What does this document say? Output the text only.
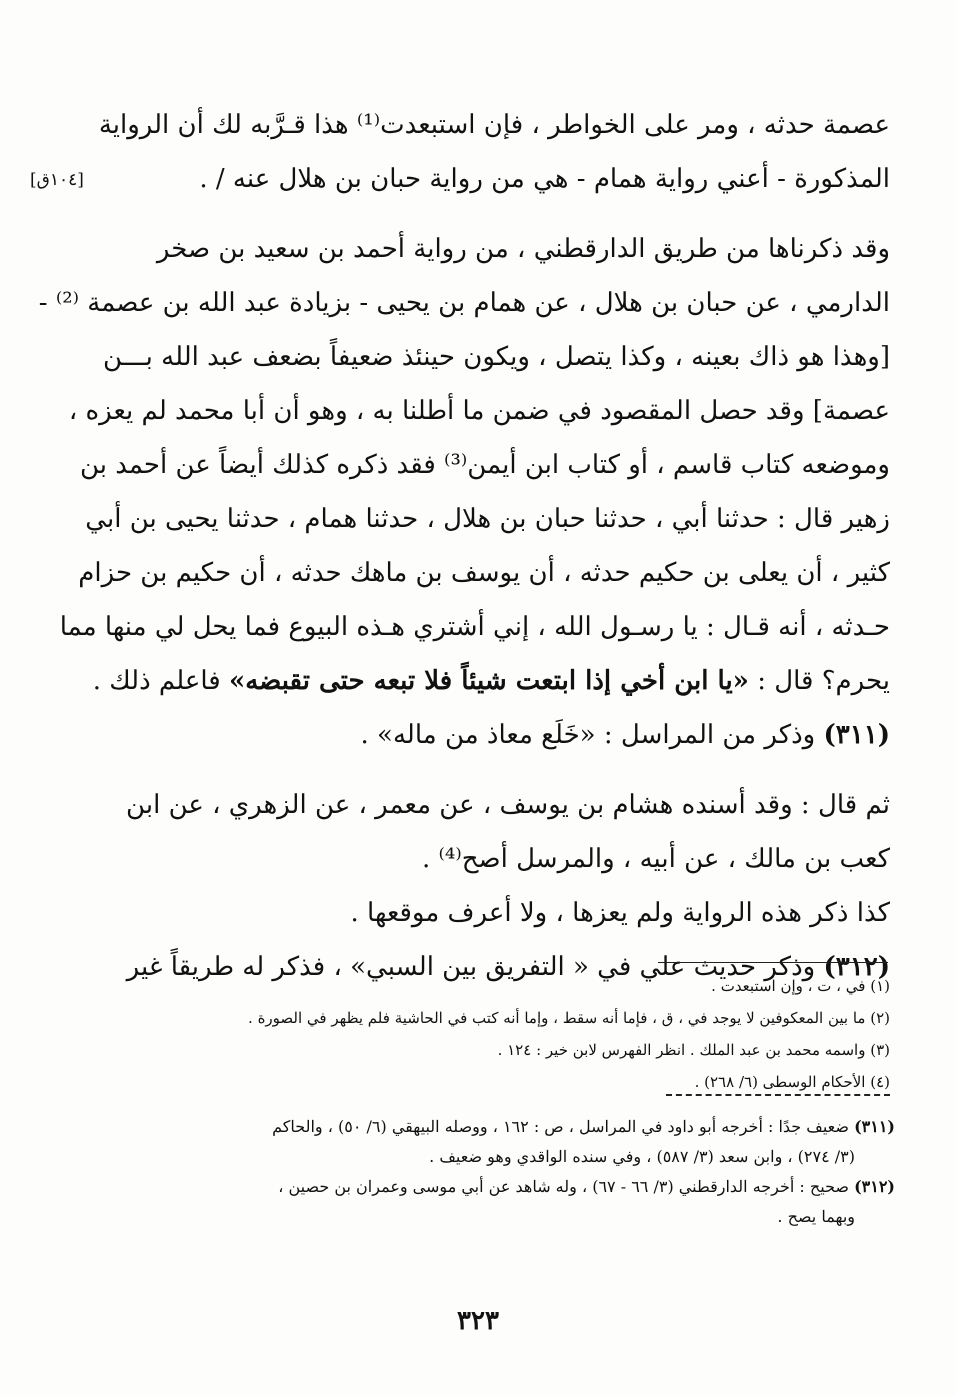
[١٠٤ق]
عصمة حدثه ، ومر على الخواطر ، فإن استبعدت⁽¹⁾ هذا قـرَّبه لك أن الرواية
المذكورة - أعني رواية همام - هي من رواية حبان بن هلال عنه / .
وقد ذكرناها من طريق الدارقطني ، من رواية أحمد بن سعيد بن صخر
الدارمي ، عن حبان بن هلال ، عن همام بن يحيى - بزيادة عبد الله بن عصمة ⁽²⁾ -
[وهذا هو ذاك بعينه ، وكذا يتصل ، ويكون حينئذ ضعيفاً بضعف عبد الله بـــن
عصمة] وقد حصل المقصود في ضمن ما أطلنا به ، وهو أن أبا محمد لم يعزه ،
وموضعه كتاب قاسم ، أو كتاب ابن أيمن⁽³⁾ فقد ذكره كذلك أيضاً عن أحمد بن
زهير قال : حدثنا أبي ، حدثنا حبان بن هلال ، حدثنا همام ، حدثنا يحيى بن أبي
كثير ، أن يعلى بن حكيم حدثه ، أن يوسف بن ماهك حدثه ، أن حكيم بن حزام
حـدثه ، أنه قـال : يا رسـول الله ، إني أشتري هـذه البيوع فما يحل لي منها مما
يحرم؟ قال : «يا ابن أخي إذا ابتعت شيئاً فلا تبعه حتى تقبضه» فاعلم ذلك .
(٣١١) وذكر من المراسل : «خَلَع معاذ من ماله» .
ثم قال : وقد أسنده هشام بن يوسف ، عن معمر ، عن الزهري ، عن ابن
كعب بن مالك ، عن أبيه ، والمرسل أصح⁽⁴⁾ .
كذا ذكر هذه الرواية ولم يعزها ، ولا أعرف موقعها .
(٣١٢) وذكر حديث علي في « التفريق بين السبي» ، فذكر له طريقاً غير
(١) في ، ت ، وإن استبعدت .
(٢) ما بين المعكوفين لا يوجد في ، ق ، فإما أنه سقط ، وإما أنه كتب في الحاشية فلم يظهر في الصورة .
(٣) واسمه محمد بن عبد الملك . انظر الفهرس لابن خير : ١٢٤ .
(٤) الأحكام الوسطى (٦/ ٢٦٨) .
(٣١١) ضعيف جدًا : أخرجه أبو داود في المراسل ، ص : ١٦٢ ، ووصله البيهقي (٦/ ٥٠) ، والحاكم
(٣/ ٢٧٤) ، وابن سعد (٣/ ٥٨٧) ، وفي سنده الواقدي وهو ضعيف .
(٣١٢) صحيح : أخرجه الدارقطني (٣/ ٦٦ - ٦٧) ، وله شاهد عن أبي موسى وعمران بن حصين ،
وبهما يصح .
٣٢٣
